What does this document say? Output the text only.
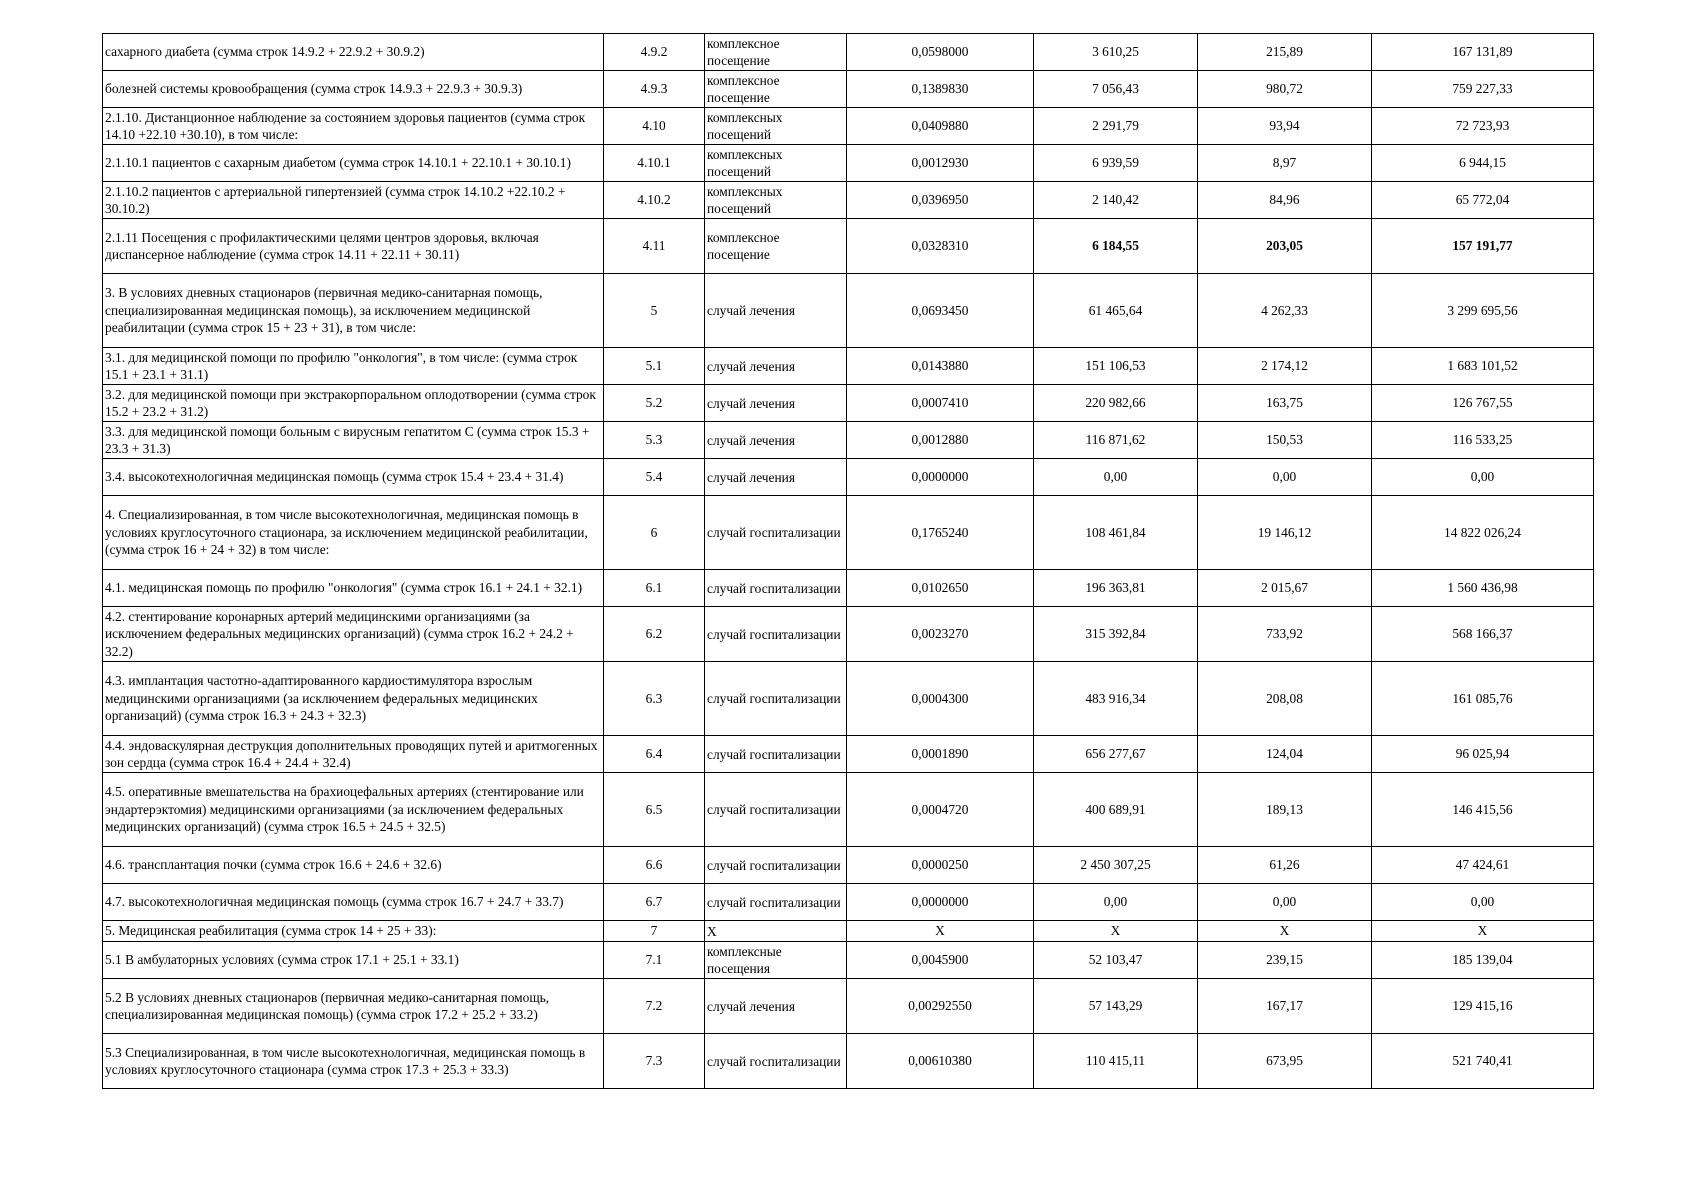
сахарного диабета (сумма строк 14.9.2 + 22.9.2 + 30.9.2)	4.9.2	комплексное посещение	0,0598000	3 610,25	215,89	167 131,89
болезней системы кровообращения (сумма строк 14.9.3 + 22.9.3 + 30.9.3)	4.9.3	комплексное посещение	0,1389830	7 056,43	980,72	759 227,33
2.1.10. Дистанционное наблюдение за состоянием здоровья пациентов (сумма строк 14.10 +22.10 +30.10), в том числе:	4.10	комплексных посещений	0,0409880	2 291,79	93,94	72 723,93
2.1.10.1 пациентов с сахарным диабетом (сумма строк 14.10.1 + 22.10.1 + 30.10.1)	4.10.1	комплексных посещений	0,0012930	6 939,59	8,97	6 944,15
2.1.10.2 пациентов с артериальной гипертензией (сумма строк 14.10.2 +22.10.2 + 30.10.2)	4.10.2	комплексных посещений	0,0396950	2 140,42	84,96	65 772,04
2.1.11 Посещения с профилактическими целями центров здоровья, включая диспансерное наблюдение (сумма строк 14.11 + 22.11 + 30.11)	4.11	комплексное посещение	0,0328310	6 184,55	203,05	157 191,77
3. В условиях дневных стационаров (первичная медико-санитарная помощь, специализированная медицинская помощь), за исключением медицинской реабилитации (сумма строк 15 + 23 + 31), в том числе:	5	случай лечения	0,0693450	61 465,64	4 262,33	3 299 695,56
3.1. для медицинской помощи по профилю "онкология", в том числе: (сумма строк 15.1 + 23.1 + 31.1)	5.1	случай лечения	0,0143880	151 106,53	2 174,12	1 683 101,52
3.2. для медицинской помощи при экстракорпоральном оплодотворении (сумма строк 15.2 + 23.2 + 31.2)	5.2	случай лечения	0,0007410	220 982,66	163,75	126 767,55
3.3. для медицинской помощи больным с вирусным гепатитом С (сумма строк 15.3 + 23.3 + 31.3)	5.3	случай лечения	0,0012880	116 871,62	150,53	116 533,25
3.4. высокотехнологичная медицинская помощь (сумма строк 15.4 + 23.4 + 31.4)	5.4	случай лечения	0,0000000	0,00	0,00	0,00
4. Специализированная, в том числе высокотехнологичная, медицинская помощь в условиях круглосуточного стационара, за исключением медицинской реабилитации, (сумма строк 16 + 24 + 32) в том числе:	6	случай госпитализации	0,1765240	108 461,84	19 146,12	14 822 026,24
4.1. медицинская помощь по профилю "онкология" (сумма строк 16.1 + 24.1 + 32.1)	6.1	случай госпитализации	0,0102650	196 363,81	2 015,67	1 560 436,98
4.2. стентирование коронарных артерий медицинскими организациями (за исключением федеральных медицинских организаций) (сумма строк 16.2 + 24.2 + 32.2)	6.2	случай госпитализации	0,0023270	315 392,84	733,92	568 166,37
4.3. имплантация частотно-адаптированного кардиостимулятора взрослым медицинскими организациями (за исключением федеральных медицинских организаций) (сумма строк 16.3 + 24.3 + 32.3)	6.3	случай госпитализации	0,0004300	483 916,34	208,08	161 085,76
4.4. эндоваскулярная деструкция дополнительных проводящих путей и аритмогенных зон сердца (сумма строк 16.4 + 24.4 + 32.4)	6.4	случай госпитализации	0,0001890	656 277,67	124,04	96 025,94
4.5. оперативные вмешательства на брахиоцефальных артериях (стентирование или эндартерэктомия) медицинскими организациями (за исключением федеральных медицинских организаций) (сумма строк 16.5 + 24.5 + 32.5)	6.5	случай госпитализации	0,0004720	400 689,91	189,13	146 415,56
4.6. трансплантация почки (сумма строк 16.6 + 24.6 + 32.6)	6.6	случай госпитализации	0,0000250	2 450 307,25	61,26	47 424,61
4.7. высокотехнологичная медицинская помощь (сумма строк 16.7 + 24.7 + 33.7)	6.7	случай госпитализации	0,0000000	0,00	0,00	0,00
5. Медицинская реабилитация (сумма строк 14 + 25 + 33):	7	Х	Х	Х	Х	Х
5.1 В амбулаторных условиях (сумма строк 17.1 + 25.1 + 33.1)	7.1	комплексные посещения	0,0045900	52 103,47	239,15	185 139,04
5.2 В условиях дневных стационаров (первичная медико-санитарная помощь, специализированная медицинская помощь) (сумма строк 17.2 + 25.2 + 33.2)	7.2	случай лечения	0,00292550	57 143,29	167,17	129 415,16
5.3 Специализированная, в том числе высокотехнологичная, медицинская помощь в условиях круглосуточного стационара (сумма строк 17.3 + 25.3 + 33.3)	7.3	случай госпитализации	0,00610380	110 415,11	673,95	521 740,41
